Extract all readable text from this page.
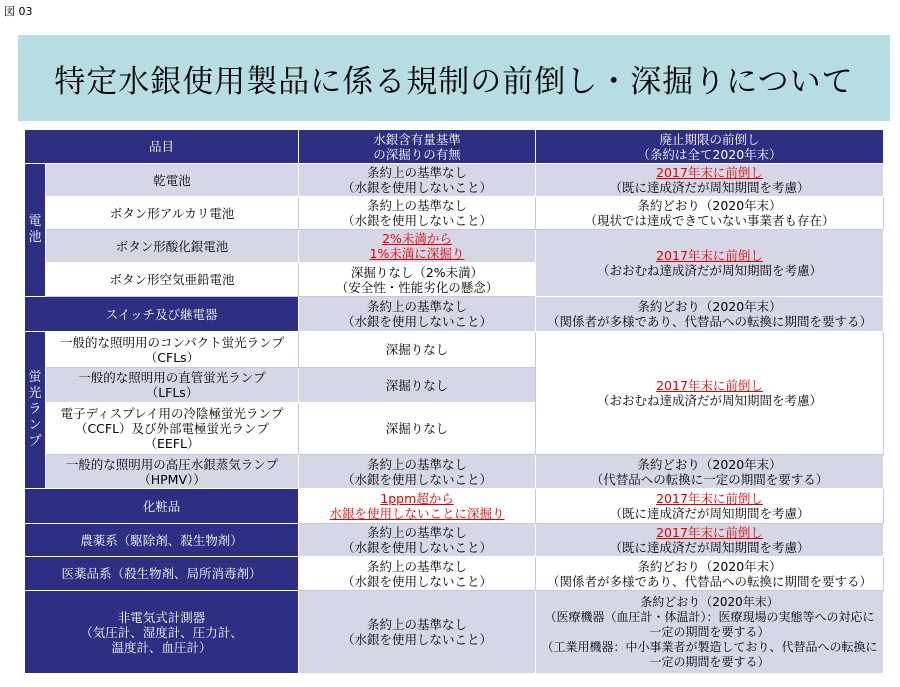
図 03
特定水銀使用製品に係る規制の前倒し・深掘りについて
品目		水銀含有量基準
の深掘りの有無	廃止期限の前倒し
（条約は全て2020年末）

電
池	乾電池	条約上の基準なし
（水銀を使用しないこと）	2017年末に前倒し
（既に達成済だが周知期間を考慮）

	ボタン形アルカリ電池	条約上の基準なし
（水銀を使用しないこと）	条約どおり（2020年末）
（現状では達成できていない事業者も存在）

	ボタン形酸化銀電池	2%未満から
1%未満に深掘り	2017年末に前倒し
（おおむね達成済だが周知期間を考慮）

	ボタン形空気亜鉛電池	深掘りなし（2%未満）
（安全性・性能劣化の懸念）	

スイッチ及び継電器		条約上の基準なし
（水銀を使用しないこと）	条約どおり（2020年末）
（関係者が多様であり、代替品への転換に期間を要する）

蛍
光
ラ
ン
プ	一般的な照明用のコンパクト蛍光ランプ
（CFLs）	深掘りなし	2017年末に前倒し
（おおむね達成済だが周知期間を考慮）

	一般的な照明用の直管蛍光ランプ
（LFLs）	深掘りなし	

	電子ディスプレイ用の冷陰極蛍光ランプ
（CCFL）及び外部電極蛍光ランプ
（EEFL）	深掘りなし	

	一般的な照明用の高圧水銀蒸気ランプ
（HPMV））	条約上の基準なし
（水銀を使用しないこと）	条約どおり（2020年末）
（代替品への転換に一定の期間を要する）

化粧品		1ppm超から
水銀を使用しないことに深掘り	2017年末に前倒し
（既に達成済だが周知期間を考慮）

農薬系（駆除剤、殺生物剤）		条約上の基準なし
（水銀を使用しないこと）	2017年末に前倒し
（既に達成済だが周知期間を考慮）

医薬品系（殺生物剤、局所消毒剤）		条約上の基準なし
（水銀を使用しないこと）	条約どおり（2020年末）
（関係者が多様であり、代替品への転換に期間を要する）

非電気式計測器
（気圧計、湿度計、圧力計、
温度計、血圧計）		条約上の基準なし
（水銀を使用しないこと）	条約どおり（2020年末）
（医療機器（血圧計・体温計）：医療現場の実態等への対応に
一定の期間を要する）
（工業用機器：中小事業者が製造しており、代替品への転換に
一定の期間を要する）
